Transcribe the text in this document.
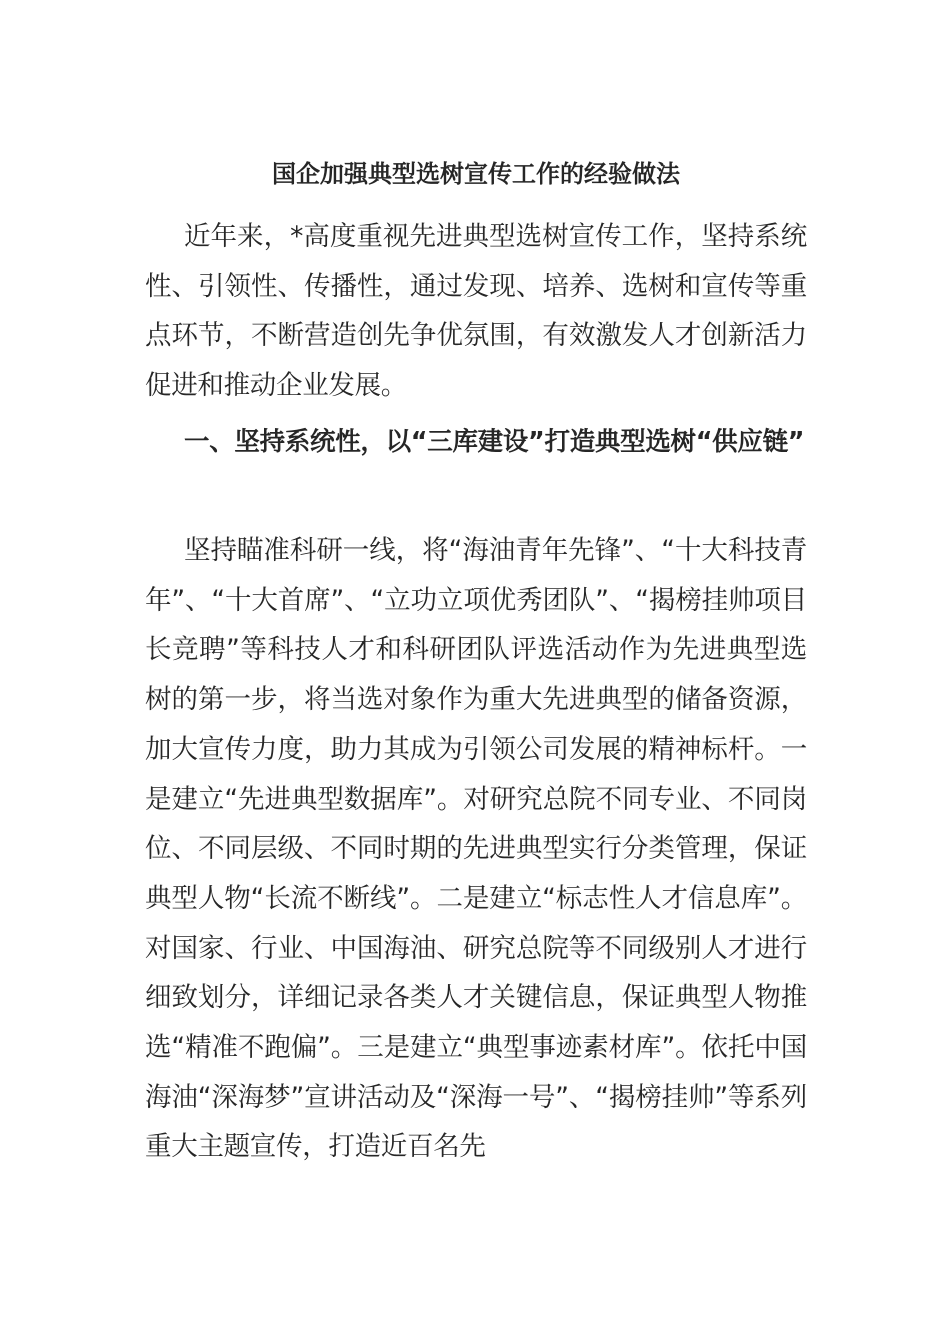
国企加强典型选树宣传工作的经验做法

近年来，*高度重视先进典型选树宣传工作，坚持系统性、引领性、传播性，通过发现、培养、选树和宣传等重点环节，不断营造创先争优氛围，有效激发人才创新活力促进和推动企业发展。

一、坚持系统性，以“三库建设”打造典型选树“供应链”

坚持瞄准科研一线，将“海油青年先锋”、“十大科技青年”、“十大首席”、“立功立项优秀团队”、“揭榜挂帅项目长竞聘”等科技人才和科研团队评选活动作为先进典型选树的第一步，将当选对象作为重大先进典型的储备资源，加大宣传力度，助力其成为引领公司发展的精神标杆。一是建立“先进典型数据库”。对研究总院不同专业、不同岗位、不同层级、不同时期的先进典型实行分类管理，保证典型人物“长流不断线”。二是建立“标志性人才信息库”。对国家、行业、中国海油、研究总院等不同级别人才进行细致划分，详细记录各类人才关键信息，保证典型人物推选“精准不跑偏”。三是建立“典型事迹素材库”。依托中国海油“深海梦”宣讲活动及“深海一号”、“揭榜挂帅”等系列重大主题宣传，打造近百名先
